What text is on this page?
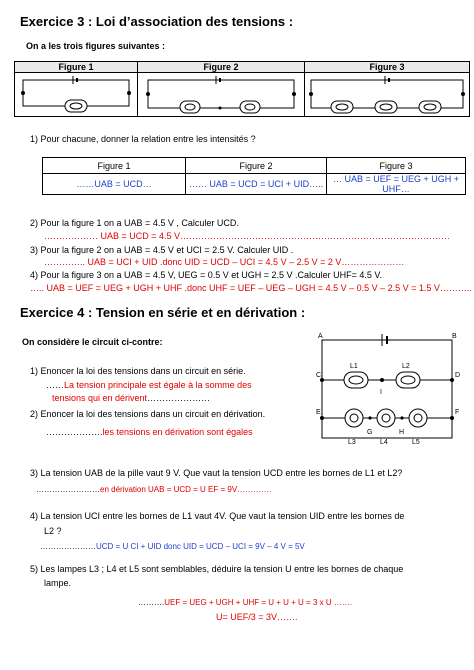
Exercice 3 : Loi d’association des tensions :
On a les trois figures suivantes :
Figure 1	Figure 2	Figure 3

1) Pour chacune, donner la relation entre les intensités ?
Figure 1	Figure 2	Figure 3
……UAB = UCD…	…… UAB = UCD = UCI + UID…..	… UAB = UEF = UEG + UGH + UHF…
2) Pour la figure 1 on a UAB = 4.5 V , Calculer UCD.
……………… UAB = UCD = 4.5 V………………………………………………………………………………
3) Pour la figure 2 on a UAB = 4.5 V et UCI = 2.5 V. Calculer UID .
………….. UAB = UCI + UID .donc UID = UCD – UCI = 4.5 V – 2.5 V = 2 V…………………
4) Pour la figure 3 on a UAB = 4.5 V, UEG = 0.5 V et UGH = 2.5 V .Calculer UHF= 4.5 V.
….. UAB = UEF = UEG + UGH + UHF .donc UHF = UEF – UEG – UGH = 4.5 V – 0.5 V – 2.5 V = 1.5 V………..
Exercice 4 : Tension en série et en dérivation :
On considère le circuit ci-contre:
1) Enoncer la loi des tensions dans un circuit en série.
……La tension principale est égale à la somme des
tensions qui en dérivent…………………
2) Enoncer la loi des tensions dans un circuit en dérivation.
……………….les tensions en dérivation sont égales
A	B
C	D
E	F
G	H
I
L1	L2
L3	L4	L5
3) La tension UAB de la pille vaut 9 V. Que vaut la tension UCD entre les bornes de L1 et L2?
……………………en dérivation UAB = UCD = U EF = 9V………….
4) La tension UCI entre les bornes de L1 vaut 4V. Que vaut la tension UID entre les bornes de
L2 ?
…………………UCD = U CI + UID donc UID = UCD – UCI = 9V – 4 V = 5V
5) Les lampes L3 ; L4 et L5 sont semblables, déduire la tension U entre les bornes de chaque
lampe.
……….UEF = UEG + UGH + UHF = U + U + U = 3 x U …….
U= UEF/3 = 3V…….
